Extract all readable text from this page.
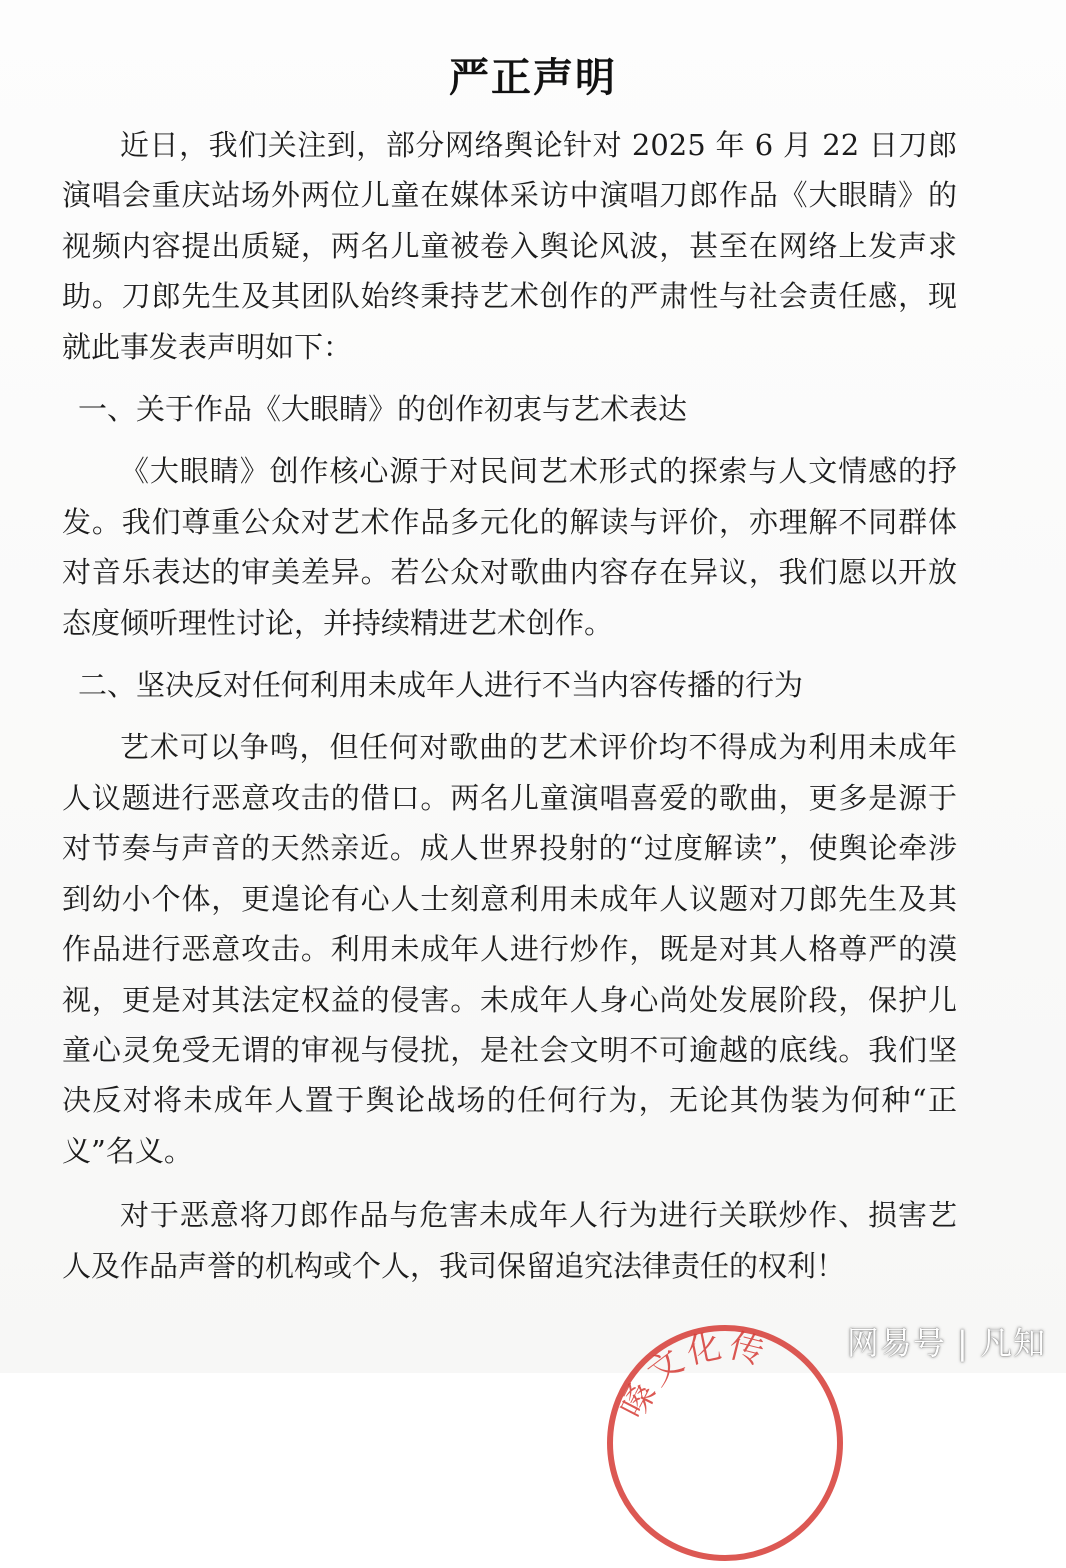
严正声明

近日，我们关注到，部分网络舆论针对 2025 年 6 月 22 日刀郎演唱会重庆站场外两位儿童在媒体采访中演唱刀郎作品《大眼睛》的视频内容提出质疑，两名儿童被卷入舆论风波，甚至在网络上发声求助。刀郎先生及其团队始终秉持艺术创作的严肃性与社会责任感，现就此事发表声明如下：

一、关于作品《大眼睛》的创作初衷与艺术表达

《大眼睛》创作核心源于对民间艺术形式的探索与人文情感的抒发。我们尊重公众对艺术作品多元化的解读与评价，亦理解不同群体对音乐表达的审美差异。若公众对歌曲内容存在异议，我们愿以开放态度倾听理性讨论，并持续精进艺术创作。

二、坚决反对任何利用未成年人进行不当内容传播的行为

艺术可以争鸣，但任何对歌曲的艺术评价均不得成为利用未成年人议题进行恶意攻击的借口。两名儿童演唱喜爱的歌曲，更多是源于对节奏与声音的天然亲近。成人世界投射的“过度解读”，使舆论牵涉到幼小个体，更遑论有心人士刻意利用未成年人议题对刀郎先生及其作品进行恶意攻击。利用未成年人进行炒作，既是对其人格尊严的漠视，更是对其法定权益的侵害。未成年人身心尚处发展阶段，保护儿童心灵免受无谓的审视与侵扰，是社会文明不可逾越的底线。我们坚决反对将未成年人置于舆论战场的任何行为，无论其伪装为何种“正义”名义。

对于恶意将刀郎作品与危害未成年人行为进行关联炒作、损害艺人及作品声誉的机构或个人，我司保留追究法律责任的权利！

嗓文化传 网易号 | 凡知
